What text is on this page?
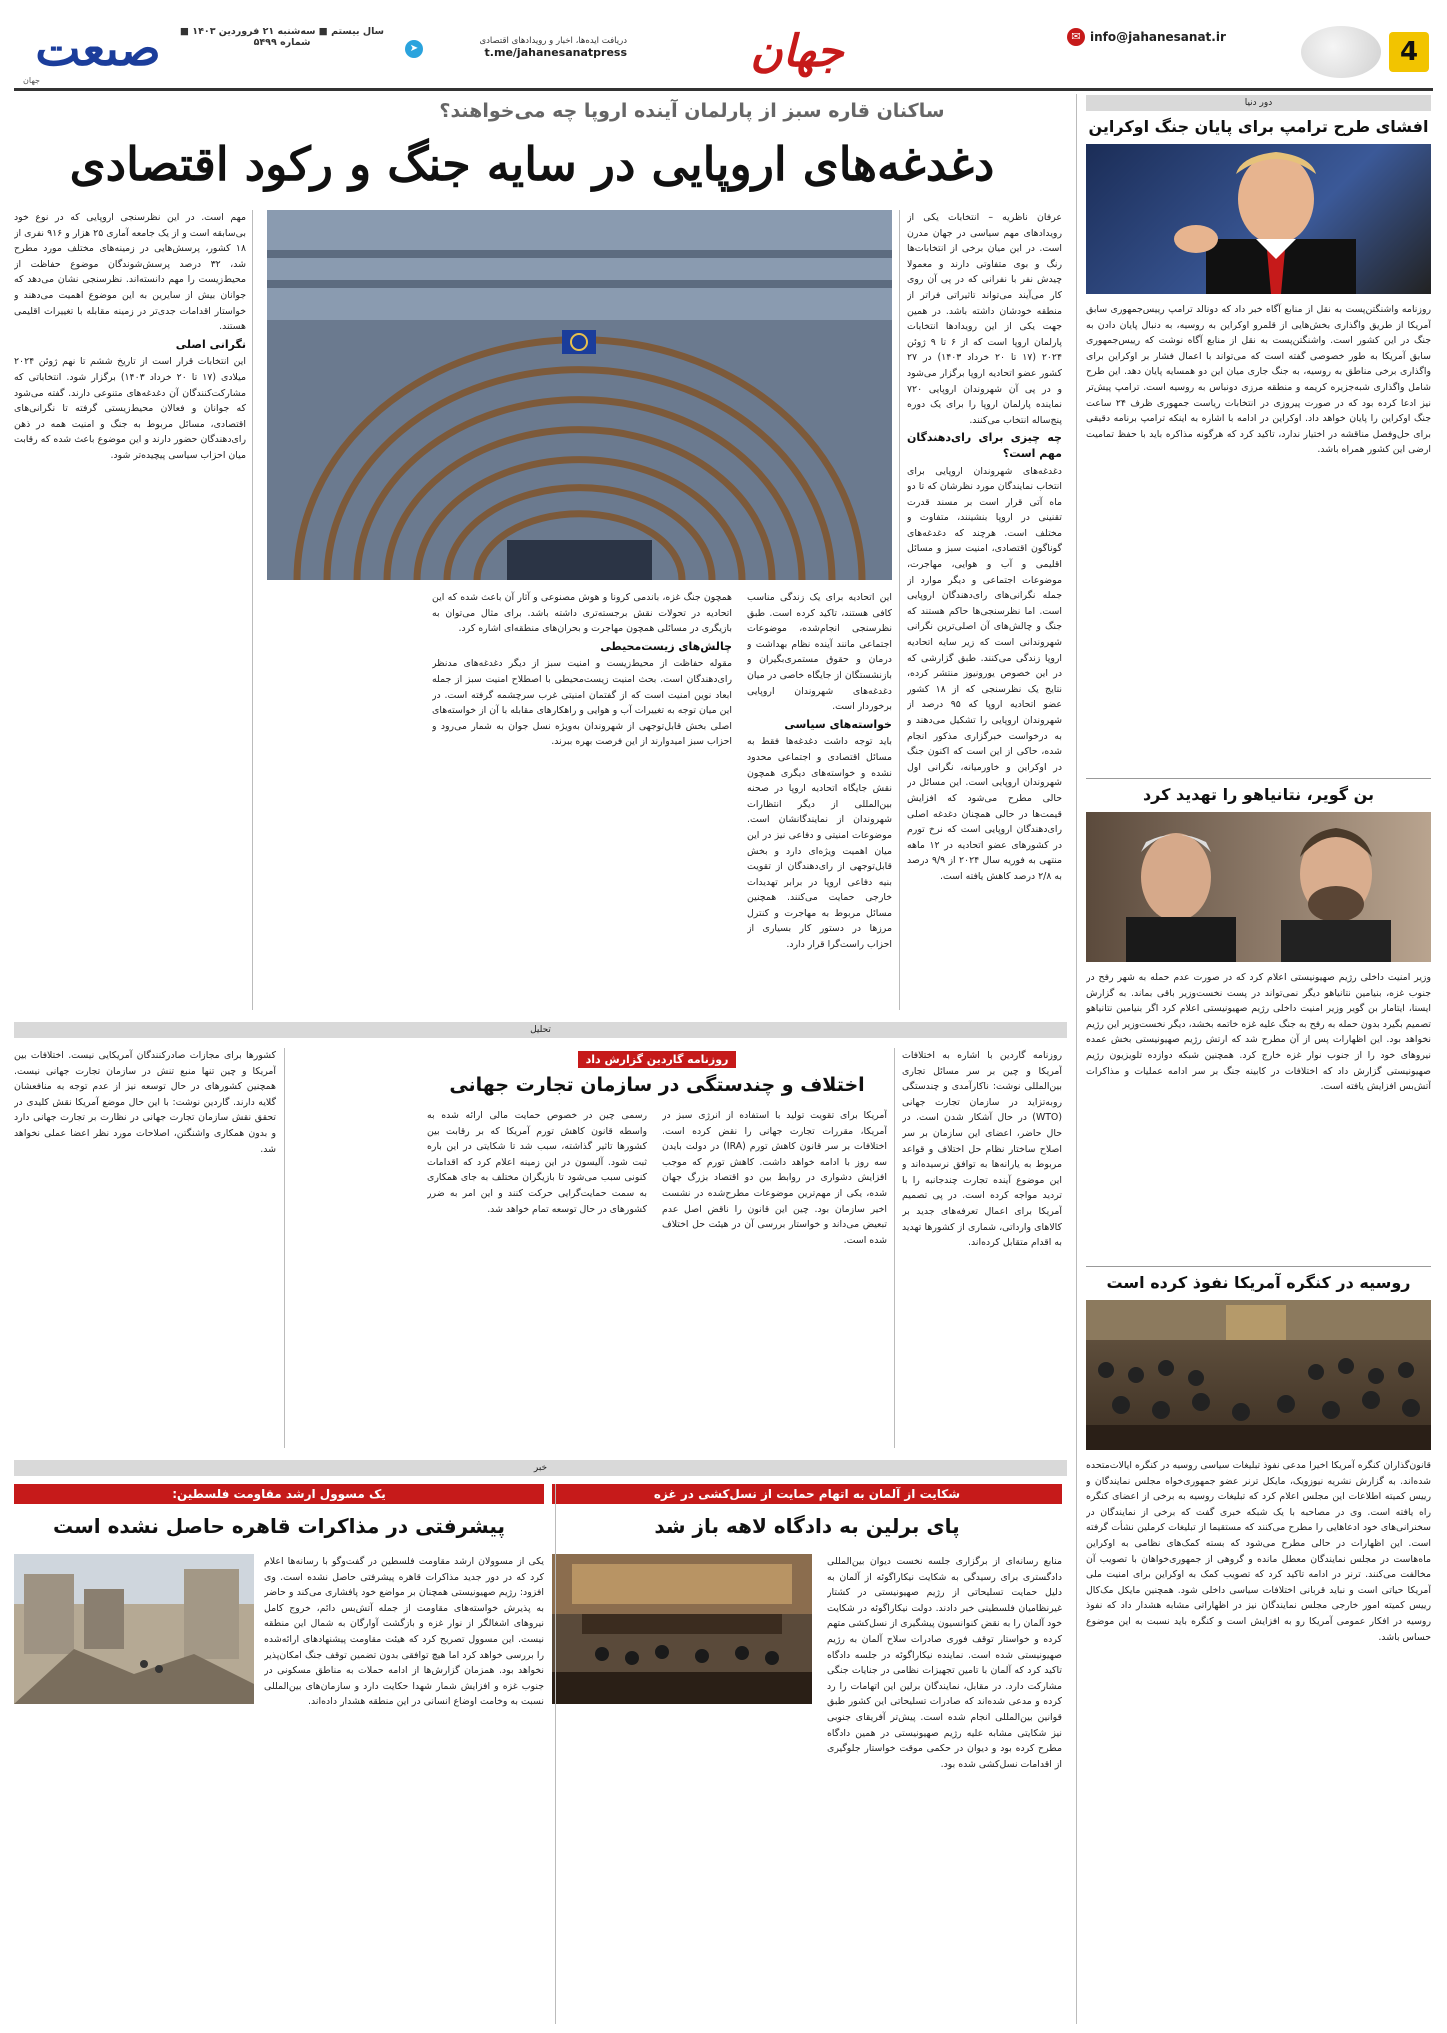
4
✉ info@jahanesanat.ir
جهان
دریافت ایده‌ها، اخبار و رویدادهای اقتصادی
t.me/jahanesanatpress
➤
سال بیستم ■ سه‌شنبه ۲۱ فروردین ۱۴۰۳ ■ شماره ۵۴۹۹
صنعت
جهان
دور دنیا
افشای طرح ترامپ برای پایان جنگ اوکراین
روزنامه واشنگتن‌پست به نقل از منابع آگاه خبر داد که دونالد ترامپ رییس‌جمهوری سابق آمریکا از طریق واگذاری بخش‌هایی از قلمرو اوکراین به روسیه، به دنبال پایان دادن به جنگ در این کشور است. واشنگتن‌پست به نقل از منابع آگاه نوشت که رییس‌جمهوری سابق آمریکا به طور خصوصی گفته است که می‌تواند با اعمال فشار بر اوکراین برای واگذاری برخی مناطق به روسیه، به جنگ جاری میان این دو همسایه پایان دهد. این طرح شامل واگذاری شبه‌جزیره کریمه و منطقه مرزی دونباس به روسیه است. ترامپ پیش‌تر نیز ادعا کرده بود که در صورت پیروزی در انتخابات ریاست جمهوری ظرف ۲۴ ساعت جنگ اوکراین را پایان خواهد داد. اوکراین در ادامه با اشاره به اینکه ترامپ برنامه دقیقی برای حل‌وفصل مناقشه در اختیار ندارد، تاکید کرد که هرگونه مذاکره باید با حفظ تمامیت ارضی این کشور همراه باشد.
بن گویر، نتانیاهو را تهدید کرد
وزیر امنیت داخلی رژیم صهیونیستی اعلام کرد که در صورت عدم حمله به شهر رفح در جنوب غزه، بنیامین نتانیاهو دیگر نمی‌تواند در پست نخست‌وزیر باقی بماند. به گزارش ایسنا، ایتامار بن گویر وزیر امنیت داخلی رژیم صهیونیستی اعلام کرد اگر بنیامین نتانیاهو تصمیم بگیرد بدون حمله به رفح به جنگ علیه غزه خاتمه بخشد، دیگر نخست‌وزیر این رژیم نخواهد بود. این اظهارات پس از آن مطرح شد که ارتش رژیم صهیونیستی بخش عمده نیروهای خود را از جنوب نوار غزه خارج کرد. همچنین شبکه دوازده تلویزیون رژیم صهیونیستی گزارش داد که اختلافات در کابینه جنگ بر سر ادامه عملیات و مذاکرات آتش‌بس افزایش یافته است.
روسیه در کنگره آمریکا نفوذ کرده است
قانون‌گذاران کنگره آمریکا اخیرا مدعی نفوذ تبلیغات سیاسی روسیه در کنگره ایالات‌متحده شده‌اند. به گزارش نشریه نیوزویک، مایکل ترنر عضو جمهوری‌خواه مجلس نمایندگان و رییس کمیته اطلاعات این مجلس اعلام کرد که تبلیغات روسیه به برخی از اعضای کنگره راه یافته است. وی در مصاحبه با یک شبکه خبری گفت که برخی از نمایندگان در سخنرانی‌های خود ادعاهایی را مطرح می‌کنند که مستقیما از تبلیغات کرملین نشأت گرفته است. این اظهارات در حالی مطرح می‌شود که بسته کمک‌های نظامی به اوکراین ماه‌هاست در مجلس نمایندگان معطل مانده و گروهی از جمهوری‌خواهان با تصویب آن مخالفت می‌کنند. ترنر در ادامه تاکید کرد که تصویب کمک به اوکراین برای امنیت ملی آمریکا حیاتی است و نباید قربانی اختلافات سیاسی داخلی شود. همچنین مایکل مک‌کال رییس کمیته امور خارجی مجلس نمایندگان نیز در اظهاراتی مشابه هشدار داد که نفوذ روسیه در افکار عمومی آمریکا رو به افزایش است و کنگره باید نسبت به این موضوع حساس باشد.
ساکنان قاره سبز از پارلمان آینده اروپا چه می‌خواهند؟
دغدغه‌های اروپایی در سایه جنگ و رکود اقتصادی
عرفان ناظریه – انتخابات یکی از رویدادهای مهم سیاسی در جهان مدرن است. در این میان برخی از انتخابات‌ها رنگ و بوی متفاوتی دارند و معمولا چیدش نفر با نفرانی که در پی آن روی کار می‌آیند می‌تواند تاثیراتی فراتر از منطقه خودشان داشته باشد. در همین جهت یکی از این رویدادها انتخابات پارلمان اروپا است که از ۶ تا ۹ ژوئن ۲۰۲۴ (۱۷ تا ۲۰ خرداد ۱۴۰۳) در ۲۷ کشور عضو اتحادیه اروپا برگزار می‌شود و در پی آن شهروندان اروپایی ۷۲۰ نماینده پارلمان اروپا را برای یک دوره پنج‌ساله انتخاب می‌کنند.
چه چیزی برای رای‌دهندگان مهم است؟
دغدغه‌های شهروندان اروپایی برای انتخاب نمایندگان مورد نظرشان که تا دو ماه آتی قرار است بر مسند قدرت تقنینی در اروپا بنشینند، متفاوت و مختلف است. هرچند که دغدغه‌های گوناگون اقتصادی، امنیت سبز و مسائل اقلیمی و آب و هوایی، مهاجرت، موضوعات اجتماعی و دیگر موارد از جمله نگرانی‌های رای‌دهندگان اروپایی است. اما نظرسنجی‌ها حاکم هستند که جنگ و چالش‌های آن اصلی‌ترین نگرانی شهروندانی است که زیر سایه اتحادیه اروپا زندگی می‌کنند. طبق گزارشی که در این خصوص یورونیوز منتشر کرده، نتایج یک نظرسنجی که از ۱۸ کشور عضو اتحادیه اروپا که ۹۵ درصد از شهروندان اروپایی را تشکیل می‌دهند و به درخواست خبرگزاری مذکور انجام شده، حاکی از این است که اکنون جنگ در اوکراین و خاورمیانه، نگرانی اول شهروندان اروپایی است. این مسائل در حالی مطرح می‌شود که افزایش قیمت‌ها در حالی همچنان دغدغه اصلی رای‌دهندگان اروپایی است که نرخ تورم در کشورهای عضو اتحادیه در ۱۲ ماهه منتهی به فوریه سال ۲۰۲۴ از ۹/۹ درصد به ۲/۸ درصد کاهش یافته است.
این اتحادیه برای یک زندگی مناسب کافی هستند، تاکید کرده است. طبق نظرسنجی انجام‌شده، موضوعات اجتماعی مانند آینده نظام بهداشت و درمان و حقوق مستمری‌بگیران و بازنشستگان از جایگاه خاصی در میان دغدغه‌های شهروندان اروپایی برخوردار است.
خواسته‌های سیاسی
باید توجه داشت دغدغه‌ها فقط به مسائل اقتصادی و اجتماعی محدود نشده و خواسته‌های دیگری همچون نقش جایگاه اتحادیه اروپا در صحنه بین‌المللی از دیگر انتظارات شهروندان از نمایندگانشان است. موضوعات امنیتی و دفاعی نیز در این میان اهمیت ویژه‌ای دارد و بخش قابل‌توجهی از رای‌دهندگان از تقویت بنیه دفاعی اروپا در برابر تهدیدات خارجی حمایت می‌کنند. همچنین مسائل مربوط به مهاجرت و کنترل مرزها در دستور کار بسیاری از احزاب راست‌گرا قرار دارد.
همچون جنگ غزه، باندمی کرونا و هوش مصنوعی و آثار آن باعث شده که این اتحادیه در تحولات نقش برجسته‌تری داشته باشد. برای مثال می‌توان به بازیگری در مسائلی همچون مهاجرت و بحران‌های منطقه‌ای اشاره کرد.
چالش‌های زیست‌محیطی
مقوله حفاظت از محیط‌زیست و امنیت سبز از دیگر دغدغه‌های مدنظر رای‌دهندگان است. بحث امنیت زیست‌محیطی با اصطلاح امنیت سبز از جمله ابعاد نوین امنیت است که از گفتمان امنیتی غرب سرچشمه گرفته است. در این میان توجه به تغییرات آب و هوایی و راهکارهای مقابله با آن از خواسته‌های اصلی بخش قابل‌توجهی از شهروندان به‌ویژه نسل جوان به شمار می‌رود و احزاب سبز امیدوارند از این فرصت بهره ببرند.
مهم است. در این نظرسنجی اروپایی که در نوع خود بی‌سابقه است و از یک جامعه آماری ۲۵ هزار و ۹۱۶ نفری از ۱۸ کشور، پرسش‌هایی در زمینه‌های مختلف مورد مطرح شد، ۳۲ درصد پرسش‌شوندگان موضوع حفاظت از محیط‌زیست را مهم دانسته‌اند. نظرسنجی نشان می‌دهد که جوانان بیش از سایرین به این موضوع اهمیت می‌دهند و خواستار اقدامات جدی‌تر در زمینه مقابله با تغییرات اقلیمی هستند.
نگرانی اصلی
این انتخابات قرار است از تاریخ ششم تا نهم ژوئن ۲۰۲۴ میلادی (۱۷ تا ۲۰ خرداد ۱۴۰۳) برگزار شود. انتخاباتی که مشارکت‌کنندگان آن دغدغه‌های متنوعی دارند. گفته می‌شود که جوانان و فعالان محیط‌زیستی گرفته تا نگرانی‌های اقتصادی، مسائل مربوط به جنگ و امنیت همه در ذهن رای‌دهندگان حضور دارند و این موضوع باعث شده که رقابت میان احزاب سیاسی پیچیده‌تر شود.
تحلیل
روزنامه گاردین گزارش داد
اختلاف و چندستگی در سازمان تجارت جهانی
روزنامه گاردین با اشاره به اختلافات آمریکا و چین بر سر مسائل تجاری بین‌المللی نوشت: ناکارآمدی و چندستگی روبه‌تزاید در سازمان تجارت جهانی (WTO) در حال آشکار شدن است. در حال حاضر، اعضای این سازمان بر سر اصلاح ساختار نظام حل اختلاف و قواعد مربوط به یارانه‌ها به توافق نرسیده‌اند و این موضوع آینده تجارت چندجانبه را با تردید مواجه کرده است. در پی تصمیم آمریکا برای اعمال تعرفه‌های جدید بر کالاهای وارداتی، شماری از کشورها تهدید به اقدام متقابل کرده‌اند.
آمریکا برای تقویت تولید با استفاده از انرژی سبز در آمریکا، مقررات تجارت جهانی را نقض کرده است. اختلافات بر سر قانون کاهش تورم (IRA) در دولت بایدن سه روز با ادامه خواهد داشت. کاهش تورم که موجب افزایش دشواری در روابط بین دو اقتصاد بزرگ جهان شده، یکی از مهم‌ترین موضوعات مطرح‌شده در نشست اخیر سازمان بود. چین این قانون را ناقض اصل عدم تبعیض می‌داند و خواستار بررسی آن در هیئت حل اختلاف شده است.
رسمی چین در خصوص حمایت مالی ارائه شده به واسطه قانون کاهش تورم آمریکا که بر رقابت بین کشورها تاثیر گذاشته، سبب شد تا شکایتی در این باره ثبت شود. آلیسون در این زمینه اعلام کرد که اقدامات کنونی سبب می‌شود تا بازیگران مختلف به جای همکاری به سمت حمایت‌گرایی حرکت کنند و این امر به ضرر کشورهای در حال توسعه تمام خواهد شد.
کشورها برای مجازات صادرکنندگان آمریکایی نیست. اختلافات بین آمریکا و چین تنها منبع تنش در سازمان تجارت جهانی نیست. همچنین کشورهای در حال توسعه نیز از عدم توجه به منافعشان گلایه دارند. گاردین نوشت: با این حال موضع آمریکا نقش کلیدی در تحقق نقش سازمان تجارت جهانی در نظارت بر تجارت جهانی دارد و بدون همکاری واشنگتن، اصلاحات مورد نظر اعضا عملی نخواهد شد.
خبر
شکایت از آلمان به اتهام حمایت از نسل‌کشی در غزه
پای برلین به دادگاه لاهه باز شد
منابع رسانه‌ای از برگزاری جلسه نخست دیوان بین‌المللی دادگستری برای رسیدگی به شکایت نیکاراگوئه از آلمان به دلیل حمایت تسلیحاتی از رژیم صهیونیستی در کشتار غیرنظامیان فلسطینی خبر دادند. دولت نیکاراگوئه در شکایت خود آلمان را به نقض کنوانسیون پیشگیری از نسل‌کشی متهم کرده و خواستار توقف فوری صادرات سلاح آلمان به رژیم صهیونیستی شده است. نماینده نیکاراگوئه در جلسه دادگاه تاکید کرد که آلمان با تامین تجهیزات نظامی در جنایات جنگی مشارکت دارد. در مقابل، نمایندگان برلین این اتهامات را رد کرده و مدعی شده‌اند که صادرات تسلیحاتی این کشور طبق قوانین بین‌المللی انجام شده است. پیش‌تر آفریقای جنوبی نیز شکایتی مشابه علیه رژیم صهیونیستی در همین دادگاه مطرح کرده بود و دیوان در حکمی موقت خواستار جلوگیری از اقدامات نسل‌کشی شده بود.
یک مسوول ارشد مقاومت فلسطین:
پیشرفتی در مذاکرات قاهره حاصل نشده است
یکی از مسوولان ارشد مقاومت فلسطین در گفت‌وگو با رسانه‌ها اعلام کرد که در دور جدید مذاکرات قاهره پیشرفتی حاصل نشده است. وی افزود: رژیم صهیونیستی همچنان بر مواضع خود پافشاری می‌کند و حاضر به پذیرش خواسته‌های مقاومت از جمله آتش‌بس دائم، خروج کامل نیروهای اشغالگر از نوار غزه و بازگشت آوارگان به شمال این منطقه نیست. این مسوول تصریح کرد که هیئت مقاومت پیشنهادهای ارائه‌شده را بررسی خواهد کرد اما هیچ توافقی بدون تضمین توقف جنگ امکان‌پذیر نخواهد بود. همزمان گزارش‌ها از ادامه حملات به مناطق مسکونی در جنوب غزه و افزایش شمار شهدا حکایت دارد و سازمان‌های بین‌المللی نسبت به وخامت اوضاع انسانی در این منطقه هشدار داده‌اند.
